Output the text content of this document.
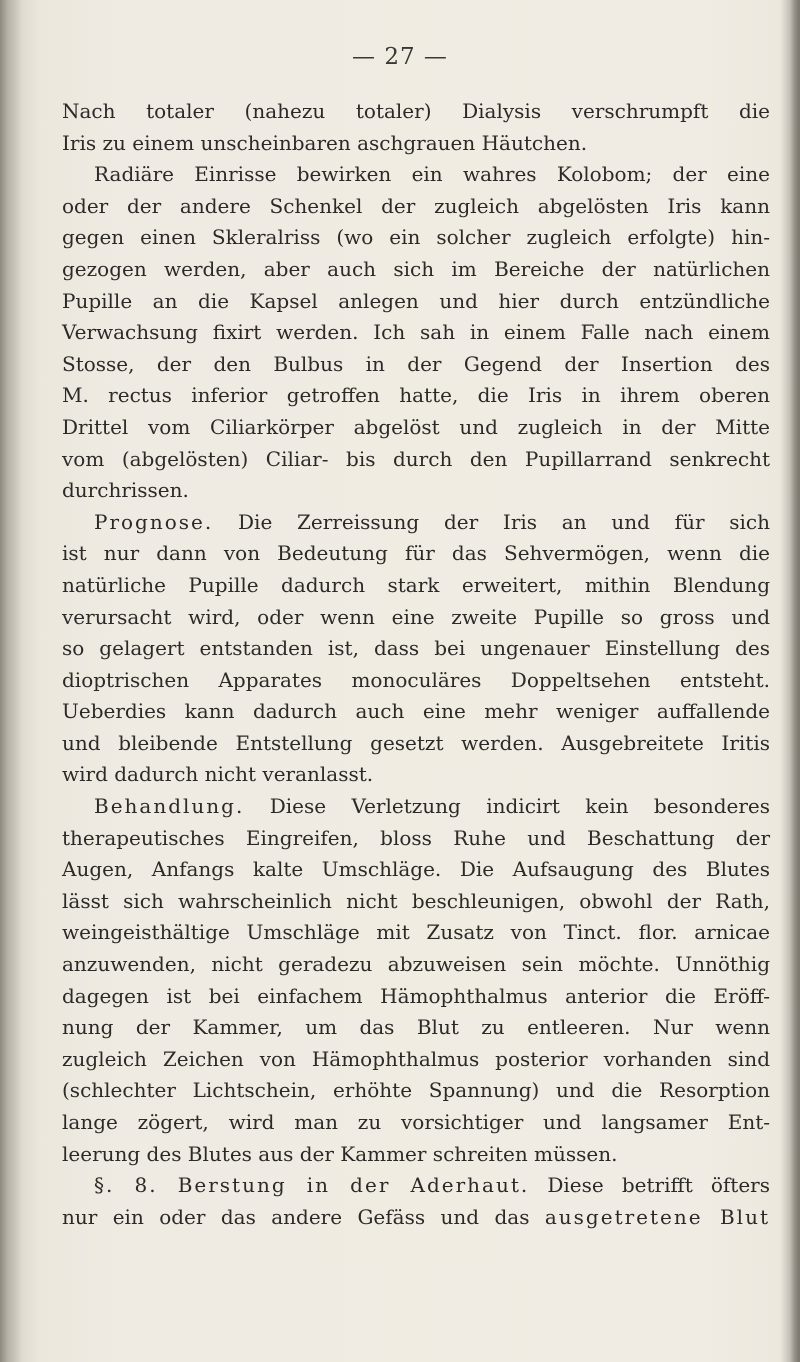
— 27 —
Nach totaler (nahezu totaler) Dialysis verschrumpft die
Iris zu einem unscheinbaren aschgrauen Häutchen.
Radiäre Einrisse bewirken ein wahres Kolobom; der eine
oder der andere Schenkel der zugleich abgelösten Iris kann
gegen einen Skleralriss (wo ein solcher zugleich erfolgte) hin-
gezogen werden, aber auch sich im Bereiche der natürlichen
Pupille an die Kapsel anlegen und hier durch entzündliche
Verwachsung fixirt werden. Ich sah in einem Falle nach einem
Stosse, der den Bulbus in der Gegend der Insertion des
M. rectus inferior getroffen hatte, die Iris in ihrem oberen
Drittel vom Ciliarkörper abgelöst und zugleich in der Mitte
vom (abgelösten) Ciliar- bis durch den Pupillarrand senkrecht
durchrissen.
Prognose. Die Zerreissung der Iris an und für sich
ist nur dann von Bedeutung für das Sehvermögen, wenn die
natürliche Pupille dadurch stark erweitert, mithin Blendung
verursacht wird, oder wenn eine zweite Pupille so gross und
so gelagert entstanden ist, dass bei ungenauer Einstellung des
dioptrischen Apparates monoculäres Doppeltsehen entsteht.
Ueberdies kann dadurch auch eine mehr weniger auffallende
und bleibende Entstellung gesetzt werden. Ausgebreitete Iritis
wird dadurch nicht veranlasst.
Behandlung. Diese Verletzung indicirt kein besonderes
therapeutisches Eingreifen, bloss Ruhe und Beschattung der
Augen, Anfangs kalte Umschläge. Die Aufsaugung des Blutes
lässt sich wahrscheinlich nicht beschleunigen, obwohl der Rath,
weingeisthältige Umschläge mit Zusatz von Tinct. flor. arnicae
anzuwenden, nicht geradezu abzuweisen sein möchte. Unnöthig
dagegen ist bei einfachem Hämophthalmus anterior die Eröff-
nung der Kammer, um das Blut zu entleeren. Nur wenn
zugleich Zeichen von Hämophthalmus posterior vorhanden sind
(schlechter Lichtschein, erhöhte Spannung) und die Resorption
lange zögert, wird man zu vorsichtiger und langsamer Ent-
leerung des Blutes aus der Kammer schreiten müssen.
§. 8. Berstung in der Aderhaut. Diese betrifft öfters
nur ein oder das andere Gefäss und das ausgetretene Blut
